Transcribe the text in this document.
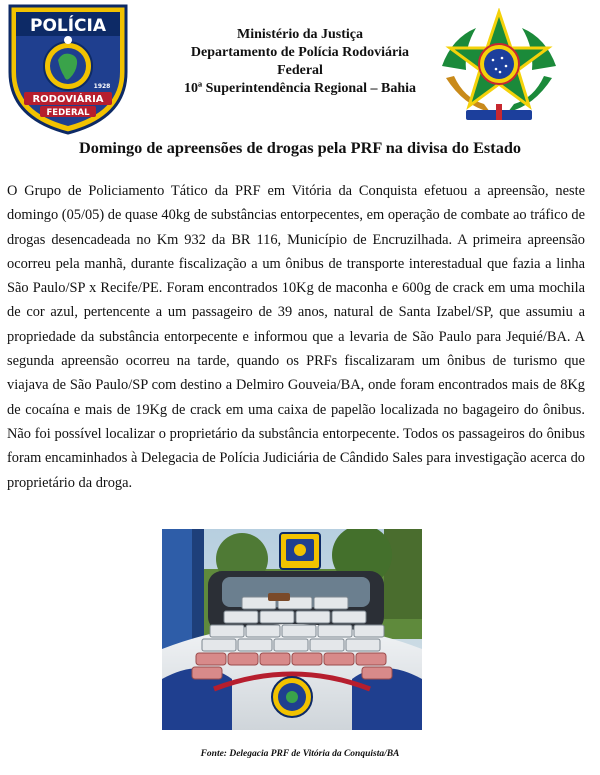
POLÍCIA
RODOVIÁRIA
FEDERAL
1928
Ministério da Justiça
Departamento de Polícia Rodoviária
Federal
10ª Superintendência Regional – Bahia
Domingo de apreensões de drogas pela PRF na divisa do Estado

O Grupo de Policiamento Tático da PRF em Vitória da Conquista efetuou a apreensão, neste domingo (05/05) de quase 40kg de substâncias entorpecentes, em operação de combate ao tráfico de drogas desencadeada no Km 932 da BR 116, Município de Encruzilhada. A primeira apreensão ocorreu pela manhã, durante fiscalização a um ônibus de transporte interestadual que fazia a linha São Paulo/SP x Recife/PE. Foram encontrados 10Kg de maconha e 600g de crack em uma mochila de cor azul, pertencente a um passageiro de 39 anos, natural de Santa Izabel/SP, que assumiu a propriedade da substância entorpecente e informou que a levaria de São Paulo para Jequié/BA. A segunda apreensão ocorreu na tarde, quando os PRFs fiscalizaram um ônibus de turismo que viajava de São Paulo/SP com destino a Delmiro Gouveia/BA, onde foram encontrados mais de 8Kg de cocaína e mais de 19Kg de crack em uma caixa de papelão localizada no bagageiro do ônibus. Não foi possível localizar o proprietário da substância entorpecente. Todos os passageiros do ônibus foram encaminhados à Delegacia de Polícia Judiciária de Cândido Sales para investigação acerca do proprietário da droga.

Fonte: Delegacia PRF de Vitória da Conquista/BA
